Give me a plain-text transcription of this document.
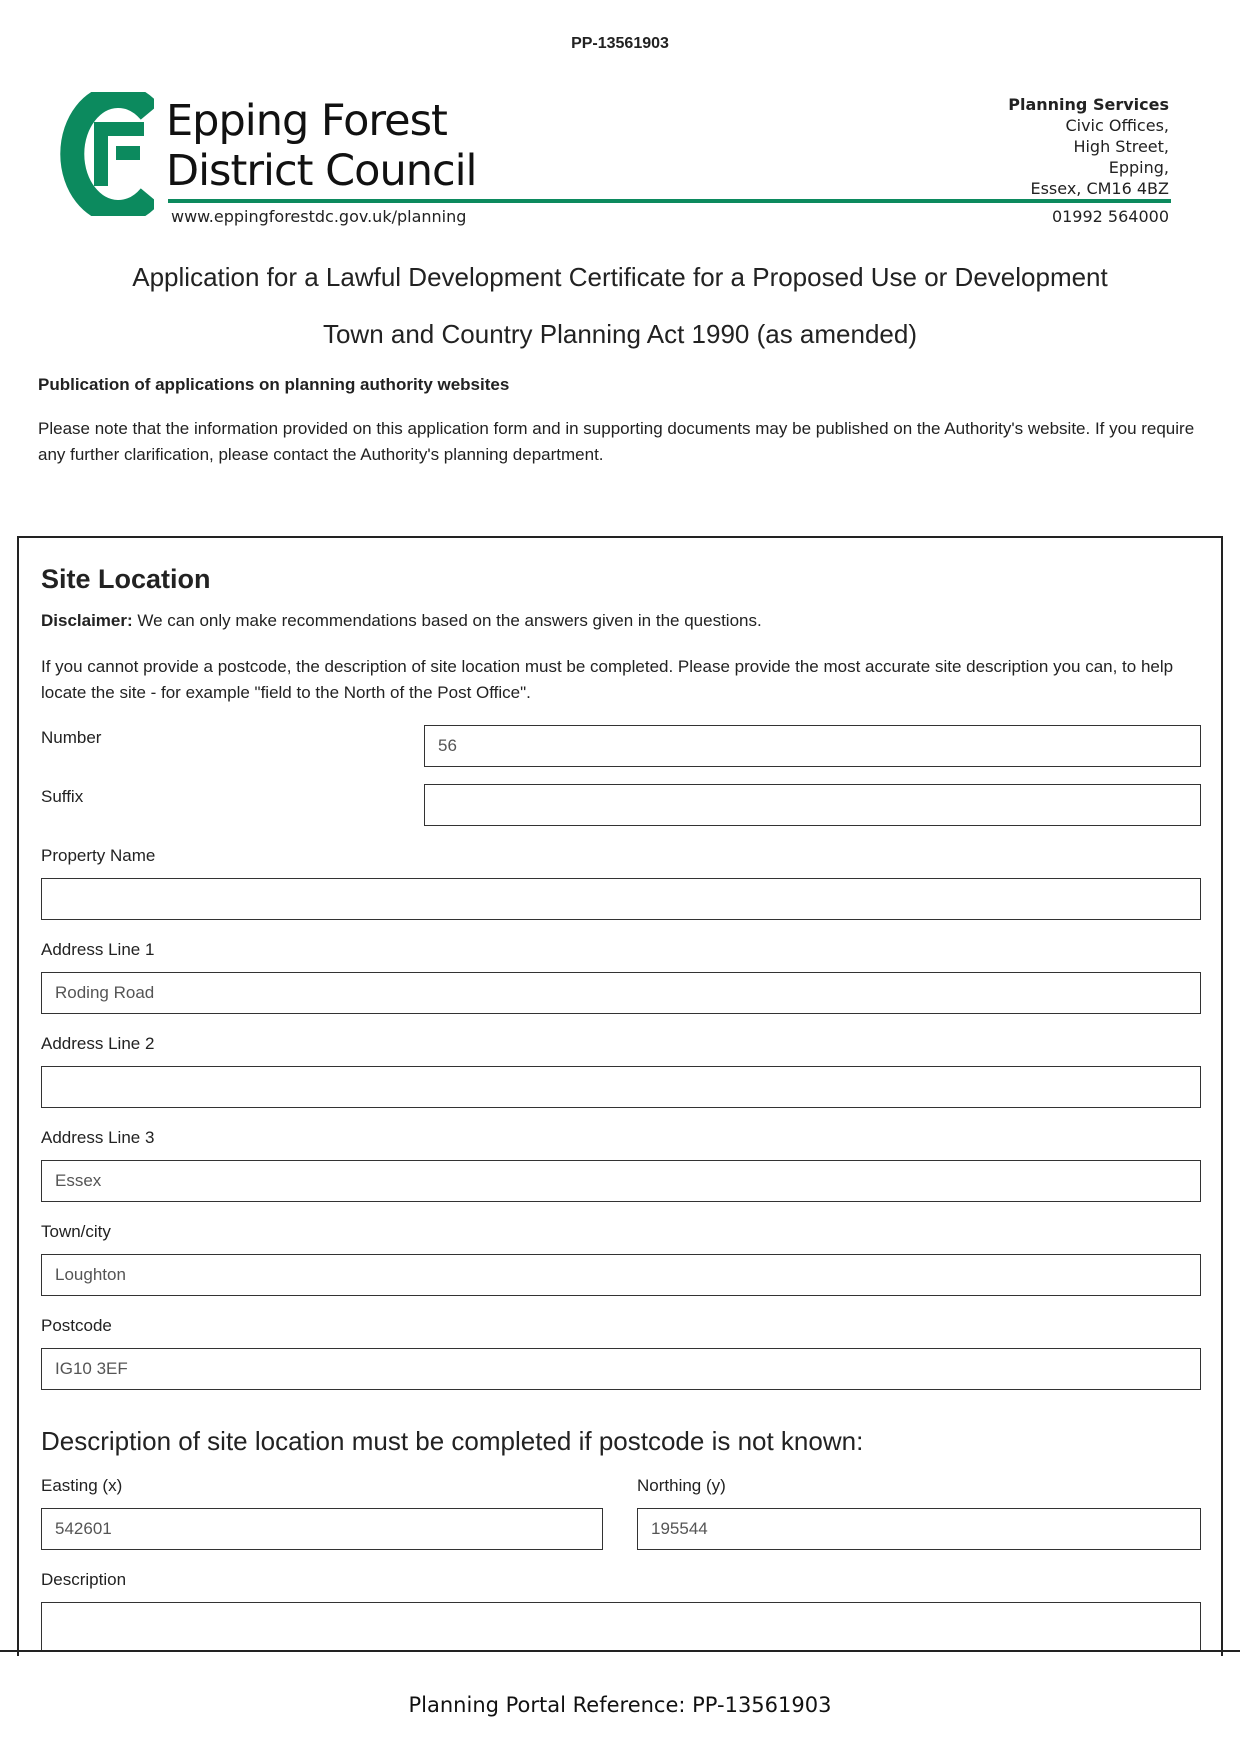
PP-13561903
Epping Forest
District Council
www.eppingforestdc.gov.uk/planning
Planning Services
Civic Offices,
High Street,
Epping,
Essex, CM16 4BZ
01992 564000
Application for a Lawful Development Certificate for a Proposed Use or Development
Town and Country Planning Act 1990 (as amended)
Publication of applications on planning authority websites
Please note that the information provided on this application form and in supporting documents may be published on the Authority's website. If you require any further clarification, please contact the Authority's planning department.
Site Location
Disclaimer: We can only make recommendations based on the answers given in the questions.
If you cannot provide a postcode, the description of site location must be completed. Please provide the most accurate site description you can, to help locate the site - for example "field to the North of the Post Office".
Number	56
Suffix
Property Name
Address Line 1
Roding Road
Address Line 2
Address Line 3
Essex
Town/city
Loughton
Postcode
IG10 3EF
Description of site location must be completed if postcode is not known:
Easting (x)
542601
Northing (y)
195544
Description
Planning Portal Reference: PP-13561903
